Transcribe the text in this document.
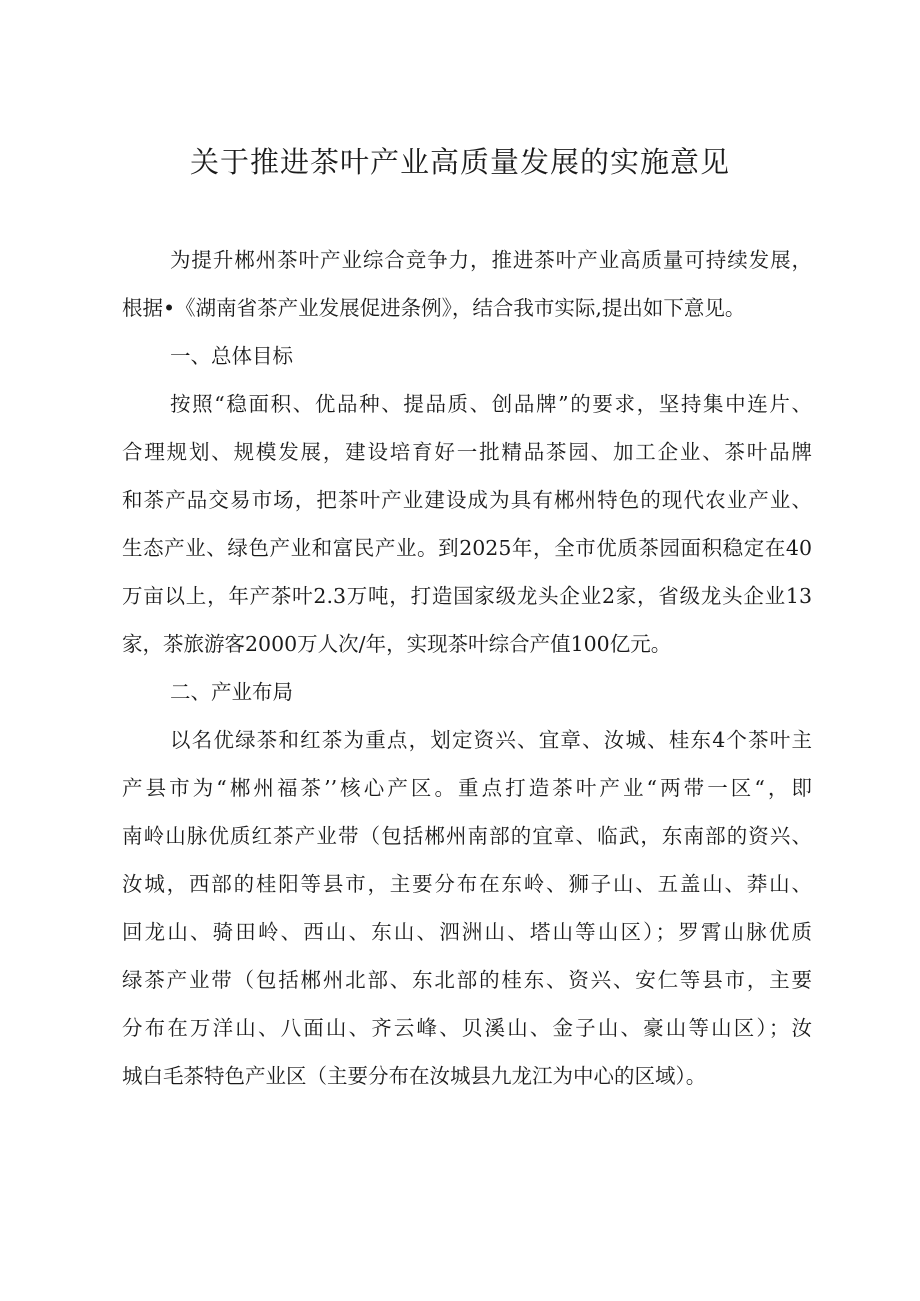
关于推进茶叶产业高质量发展的实施意见
为提升郴州茶叶产业综合竞争力，推进茶叶产业高质量可持续发展，
根据•《湖南省茶产业发展促进条例》，结合我市实际,提出如下意见。
一、总体目标
按照“稳面积、优品种、提品质、创品牌”的要求，坚持集中连片、
合理规划、规模发展，建设培育好一批精品茶园、加工企业、茶叶品牌
和茶产品交易市场，把茶叶产业建设成为具有郴州特色的现代农业产业、
生态产业、绿色产业和富民产业。到2025年，全市优质茶园面积稳定在40
万亩以上，年产茶叶2.3万吨，打造国家级龙头企业2家，省级龙头企业13
家，茶旅游客2000万人次/年，实现茶叶综合产值100亿元。
二、产业布局
以名优绿茶和红茶为重点，划定资兴、宜章、汝城、桂东4个茶叶主
产县市为“郴州福茶’’核心产区。重点打造茶叶产业“两带一区“，即
南岭山脉优质红茶产业带（包括郴州南部的宜章、临武，东南部的资兴、
汝城，西部的桂阳等县市，主要分布在东岭、狮子山、五盖山、莽山、
回龙山、骑田岭、西山、东山、泗洲山、塔山等山区）；罗霄山脉优质
绿茶产业带（包括郴州北部、东北部的桂东、资兴、安仁等县市，主要
分布在万洋山、八面山、齐云峰、贝溪山、金子山、豪山等山区）；汝
城白毛茶特色产业区（主要分布在汝城县九龙江为中心的区域）。
